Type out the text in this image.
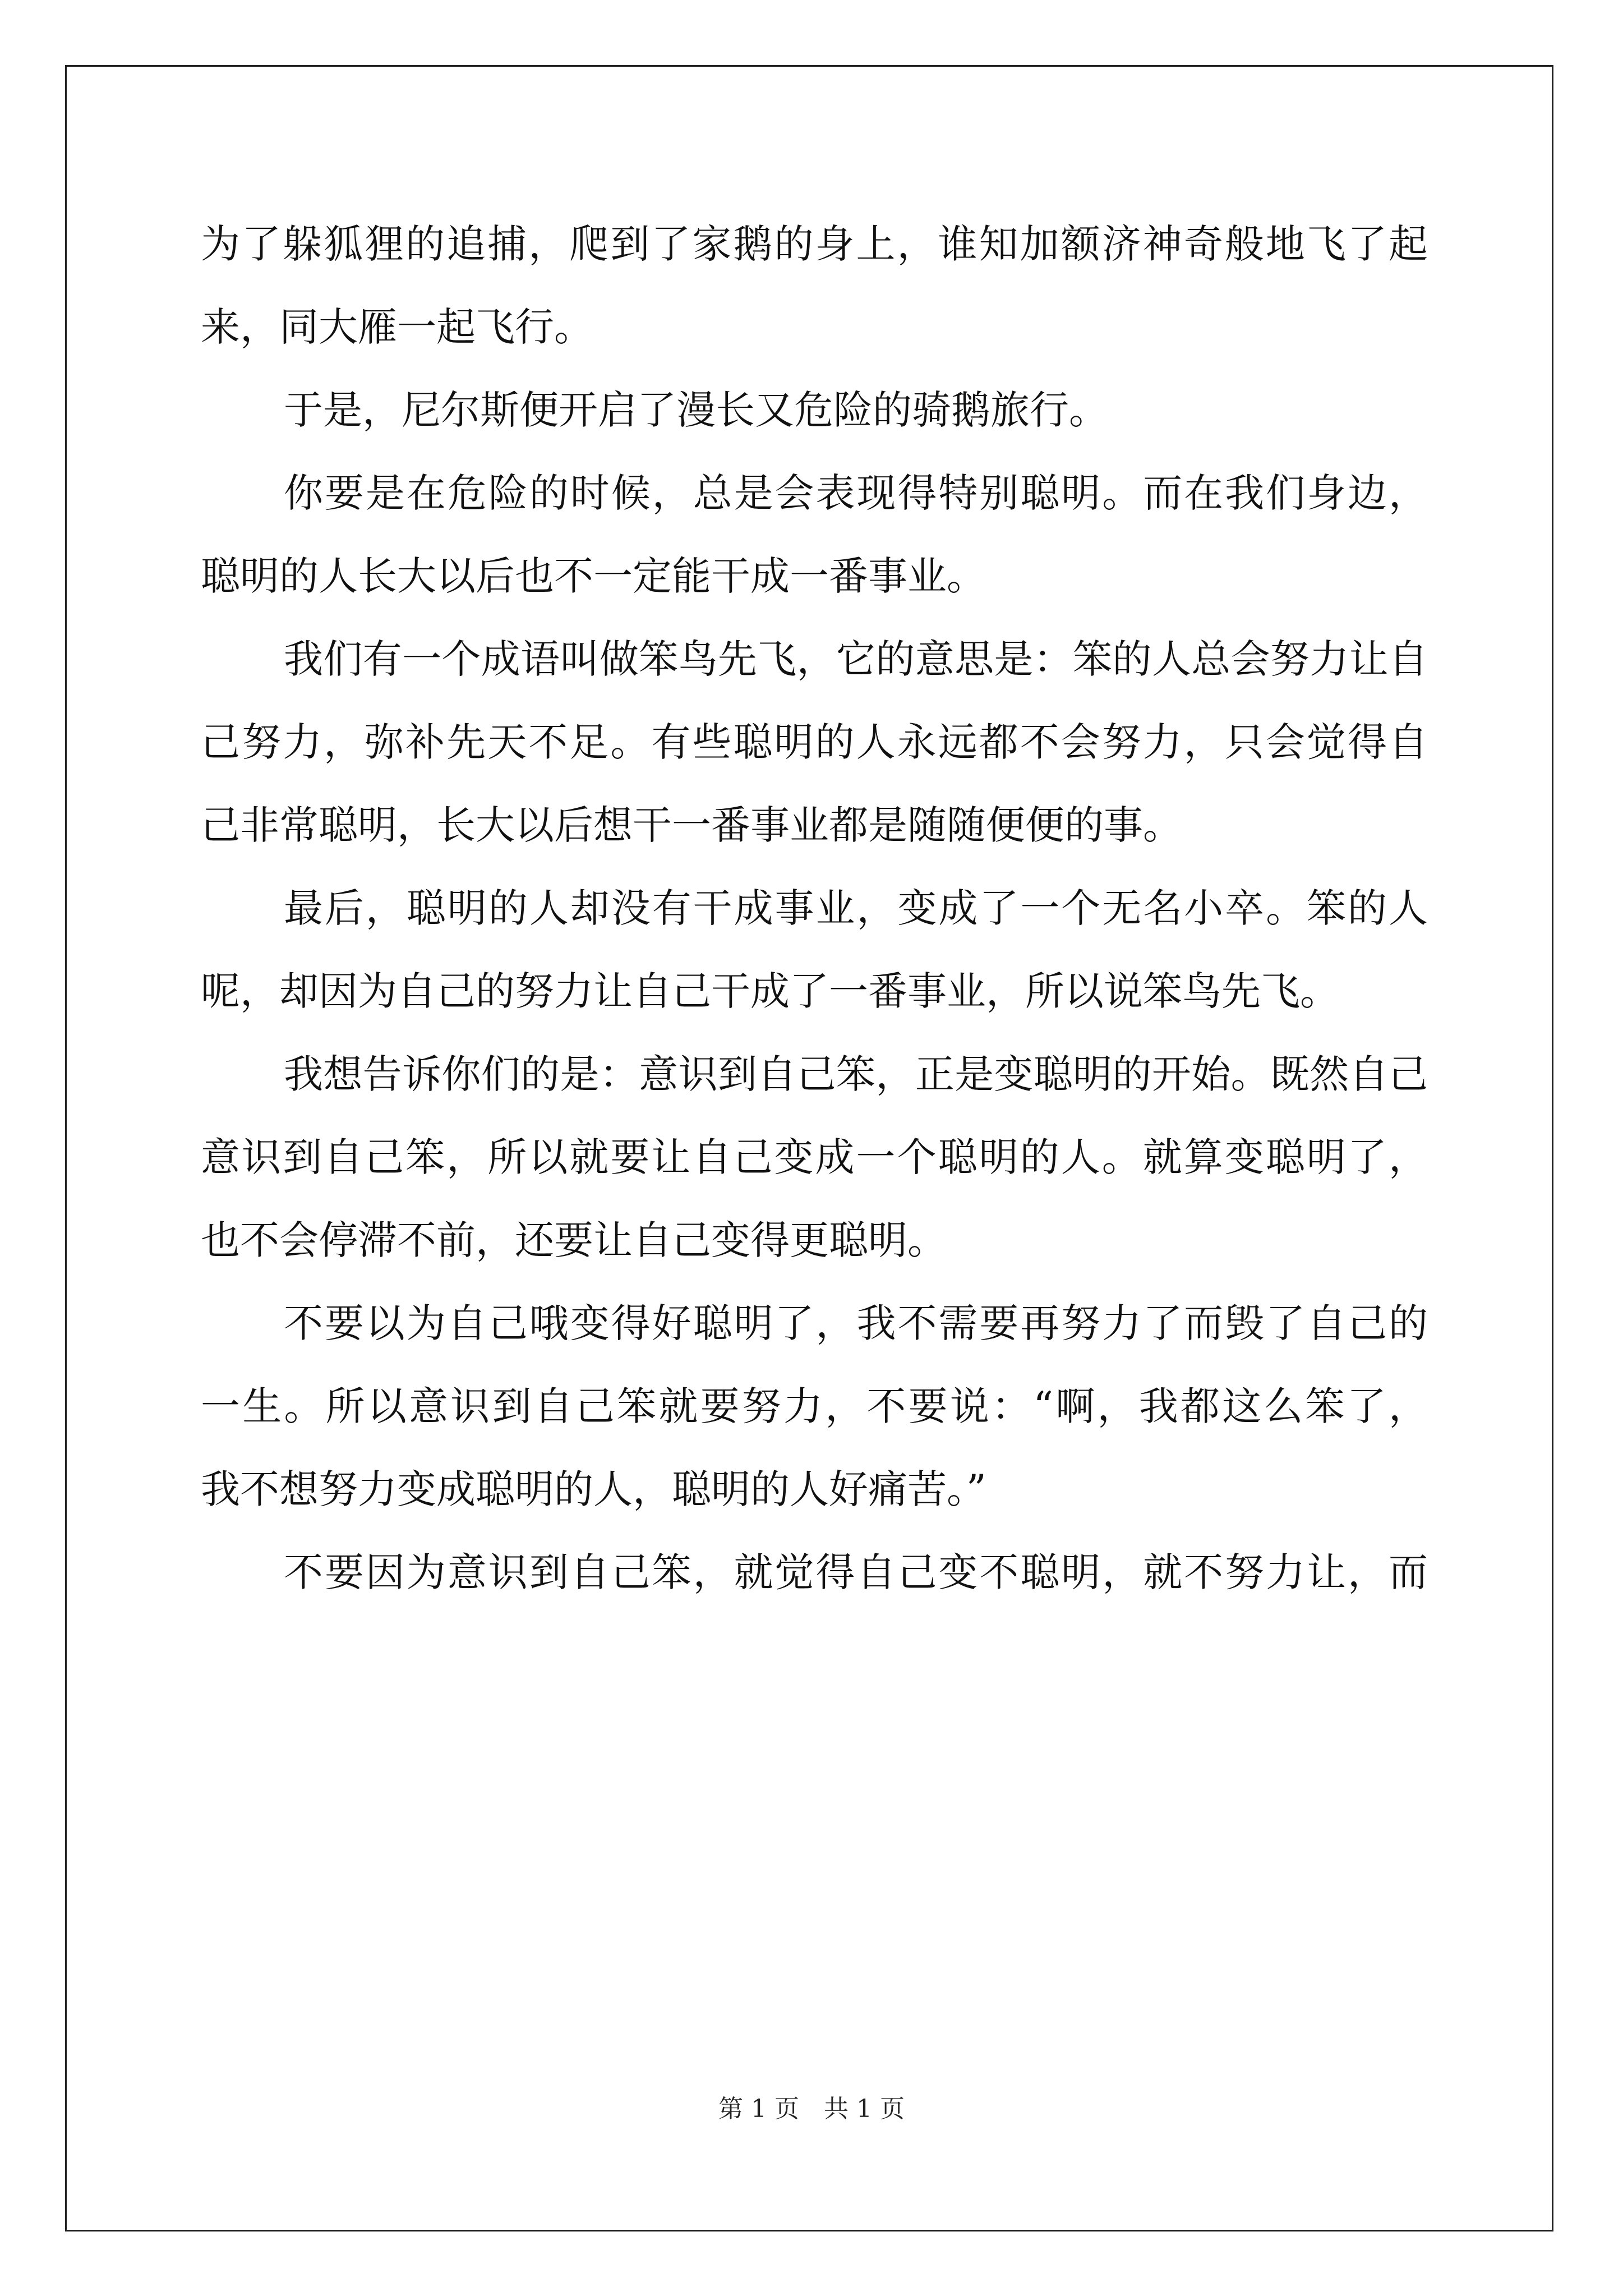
为了躲狐狸的追捕，爬到了家鹅的身上，谁知加额济神奇般地飞了起
来，同大雁一起飞行。
于是，尼尔斯便开启了漫长又危险的骑鹅旅行。
你要是在危险的时候，总是会表现得特别聪明。而在我们身边，
聪明的人长大以后也不一定能干成一番事业。
我们有一个成语叫做笨鸟先飞，它的意思是：笨的人总会努力让自
己努力，弥补先天不足。有些聪明的人永远都不会努力，只会觉得自
己非常聪明，长大以后想干一番事业都是随随便便的事。
最后，聪明的人却没有干成事业，变成了一个无名小卒。笨的人
呢，却因为自己的努力让自己干成了一番事业，所以说笨鸟先飞。
我想告诉你们的是：意识到自己笨，正是变聪明的开始。既然自己
意识到自己笨，所以就要让自己变成一个聪明的人。就算变聪明了，
也不会停滞不前，还要让自己变得更聪明。
不要以为自己哦变得好聪明了，我不需要再努力了而毁了自己的
一生。所以意识到自己笨就要努力，不要说：“啊，我都这么笨了，
我不想努力变成聪明的人，聪明的人好痛苦。”
不要因为意识到自己笨，就觉得自己变不聪明，就不努力让，而
第 1 页　共 1 页
